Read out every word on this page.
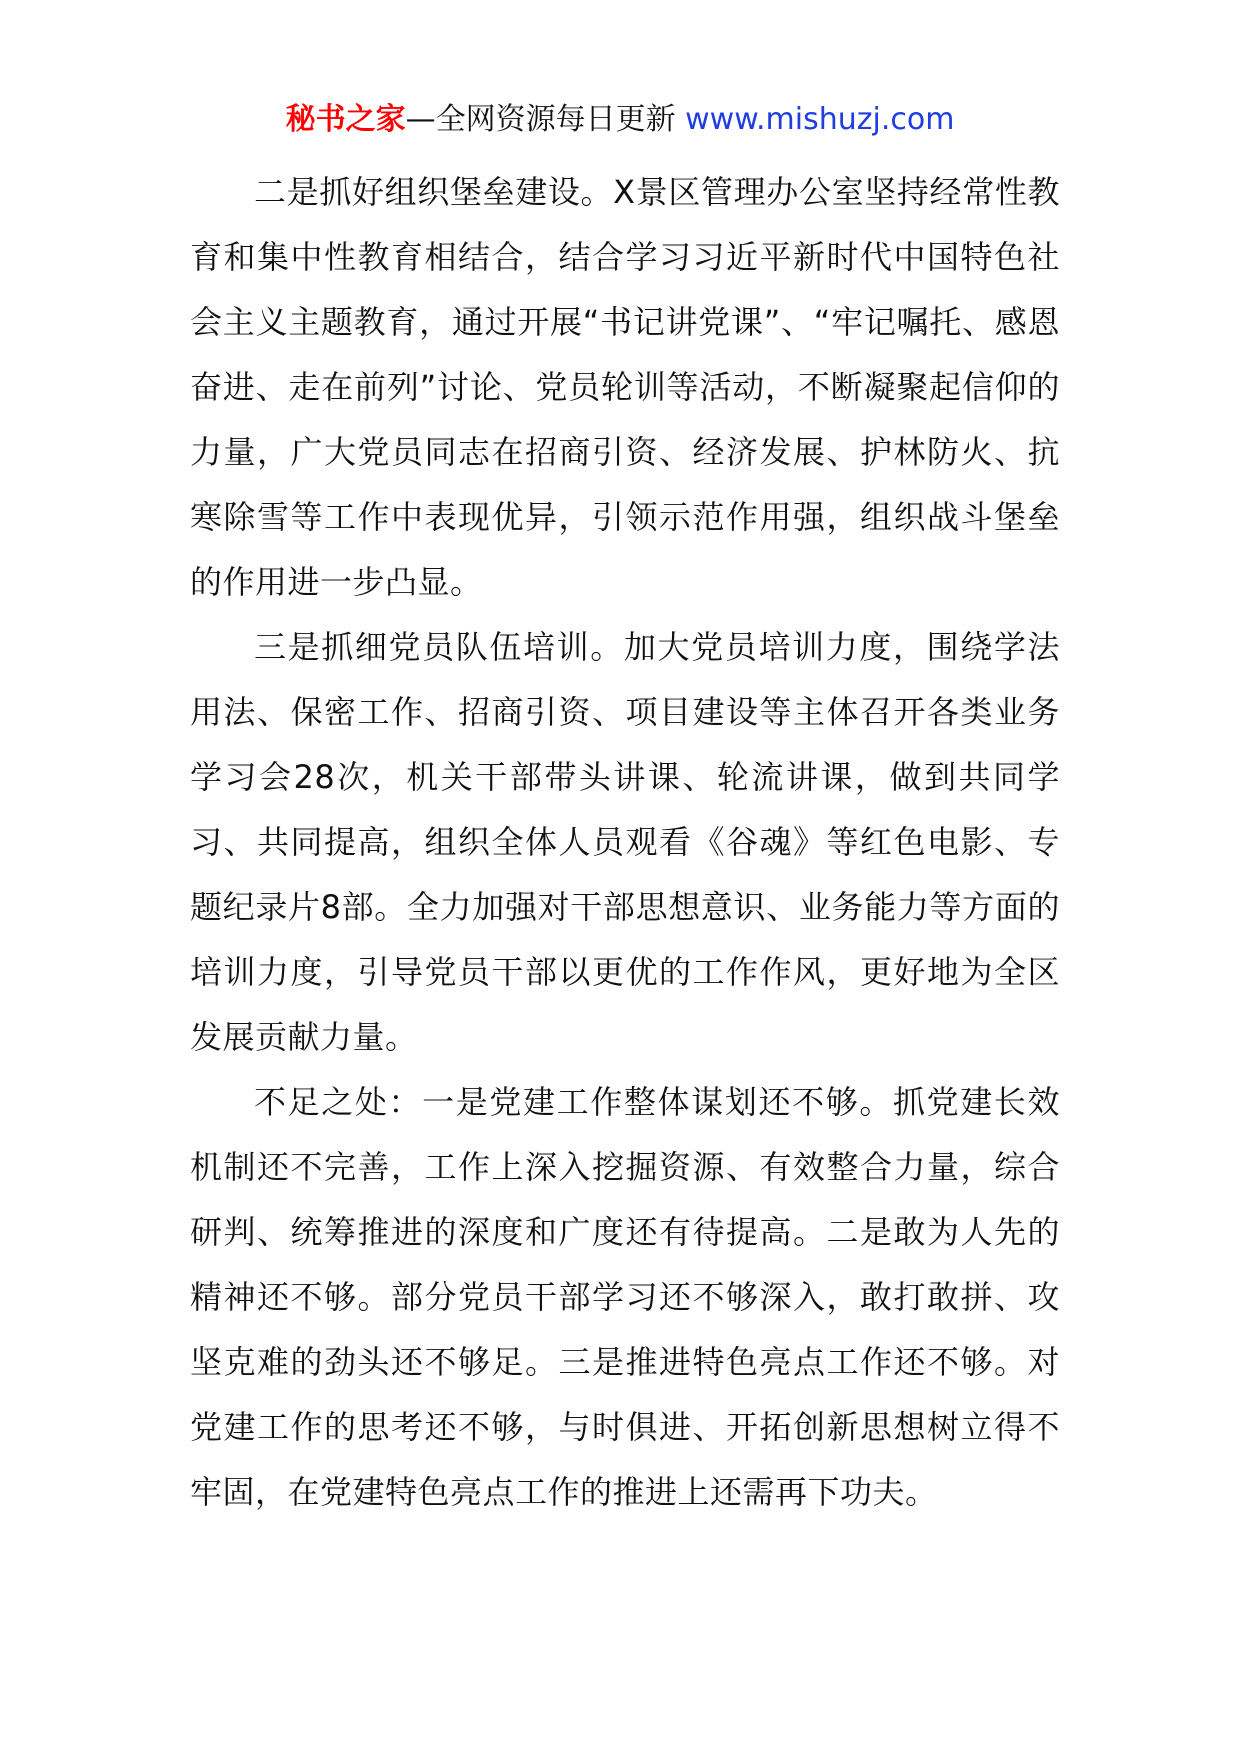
秘书之家—全网资源每日更新 www.mishuzj.com

二是抓好组织堡垒建设。X景区管理办公室坚持经常性教育和集中性教育相结合，结合学习习近平新时代中国特色社会主义主题教育，通过开展“书记讲党课”、“牢记嘱托、感恩奋进、走在前列”讨论、党员轮训等活动，不断凝聚起信仰的力量，广大党员同志在招商引资、经济发展、护林防火、抗寒除雪等工作中表现优异，引领示范作用强，组织战斗堡垒的作用进一步凸显。

三是抓细党员队伍培训。加大党员培训力度，围绕学法用法、保密工作、招商引资、项目建设等主体召开各类业务学习会28次，机关干部带头讲课、轮流讲课，做到共同学习、共同提高，组织全体人员观看《谷魂》等红色电影、专题纪录片8部。全力加强对干部思想意识、业务能力等方面的培训力度，引导党员干部以更优的工作作风，更好地为全区发展贡献力量。

不足之处：一是党建工作整体谋划还不够。抓党建长效机制还不完善，工作上深入挖掘资源、有效整合力量，综合研判、统筹推进的深度和广度还有待提高。二是敢为人先的精神还不够。部分党员干部学习还不够深入，敢打敢拼、攻坚克难的劲头还不够足。三是推进特色亮点工作还不够。对党建工作的思考还不够，与时俱进、开拓创新思想树立得不牢固，在党建特色亮点工作的推进上还需再下功夫。
